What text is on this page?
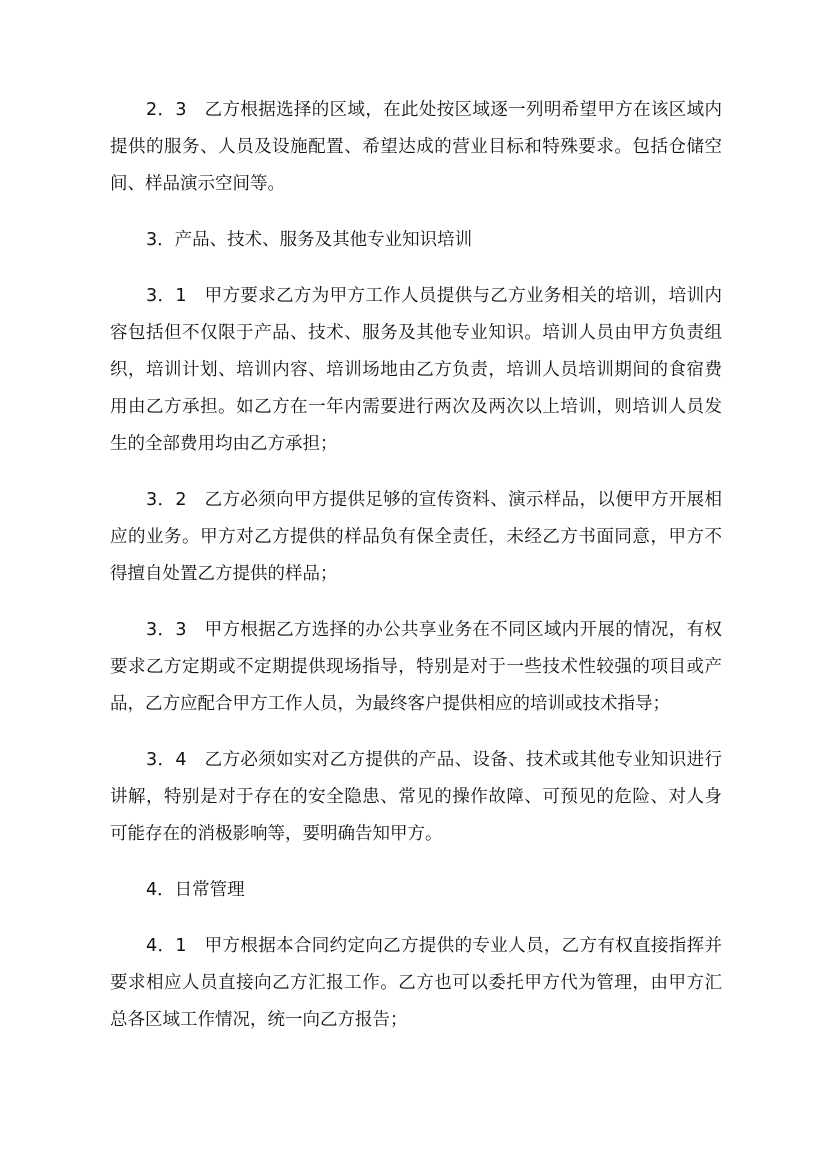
2．3　乙方根据选择的区域，在此处按区域逐一列明希望甲方在该区域内
提供的服务、人员及设施配置、希望达成的营业目标和特殊要求。包括仓储空
间、样品演示空间等。
3．产品、技术、服务及其他专业知识培训
3．1　甲方要求乙方为甲方工作人员提供与乙方业务相关的培训，培训内
容包括但不仅限于产品、技术、服务及其他专业知识。培训人员由甲方负责组
织，培训计划、培训内容、培训场地由乙方负责，培训人员培训期间的食宿费
用由乙方承担。如乙方在一年内需要进行两次及两次以上培训，则培训人员发
生的全部费用均由乙方承担；
3．2　乙方必须向甲方提供足够的宣传资料、演示样品，以便甲方开展相
应的业务。甲方对乙方提供的样品负有保全责任，未经乙方书面同意，甲方不
得擅自处置乙方提供的样品；
3．3　甲方根据乙方选择的办公共享业务在不同区域内开展的情况，有权
要求乙方定期或不定期提供现场指导，特别是对于一些技术性较强的项目或产
品，乙方应配合甲方工作人员，为最终客户提供相应的培训或技术指导；
3．4　乙方必须如实对乙方提供的产品、设备、技术或其他专业知识进行
讲解，特别是对于存在的安全隐患、常见的操作故障、可预见的危险、对人身
可能存在的消极影响等，要明确告知甲方。
4．日常管理
4．1　甲方根据本合同约定向乙方提供的专业人员，乙方有权直接指挥并
要求相应人员直接向乙方汇报工作。乙方也可以委托甲方代为管理，由甲方汇
总各区域工作情况，统一向乙方报告；
